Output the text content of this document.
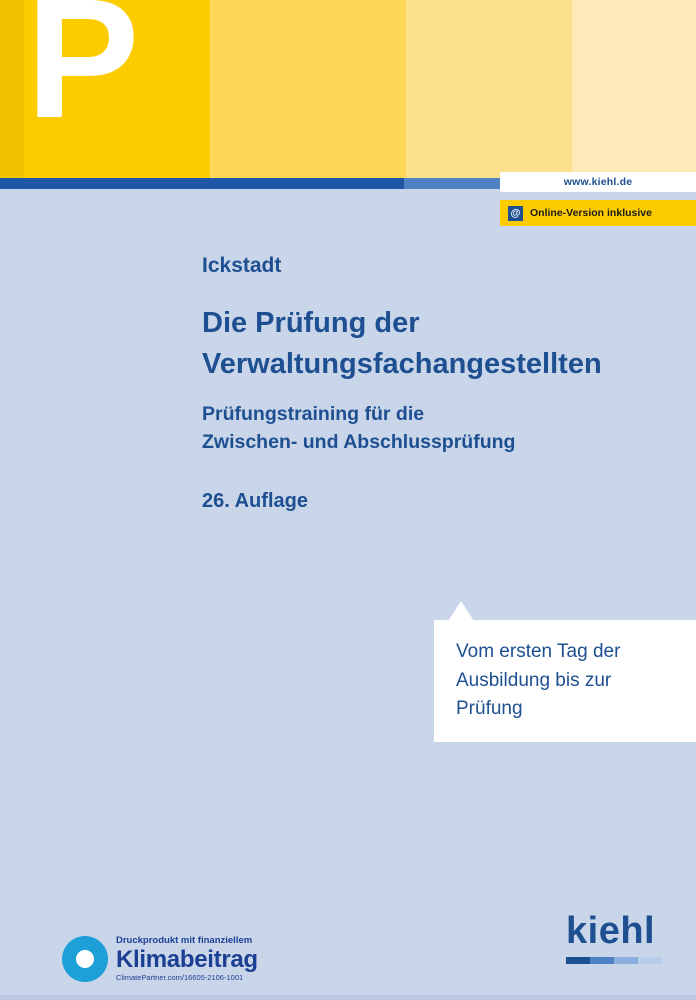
P
www.kiehl.de
@ Online-Version inklusive
Ickstadt
Die Prüfung der
Verwaltungsfachangestellten
Prüfungstraining für die
Zwischen- und Abschlussprüfung
26. Auflage
Vom ersten Tag der
Ausbildung bis zur Prüfung
Druckprodukt mit finanziellem
Klimabeitrag
ClimatePartner.com/16605-2106-1001
kiehl
